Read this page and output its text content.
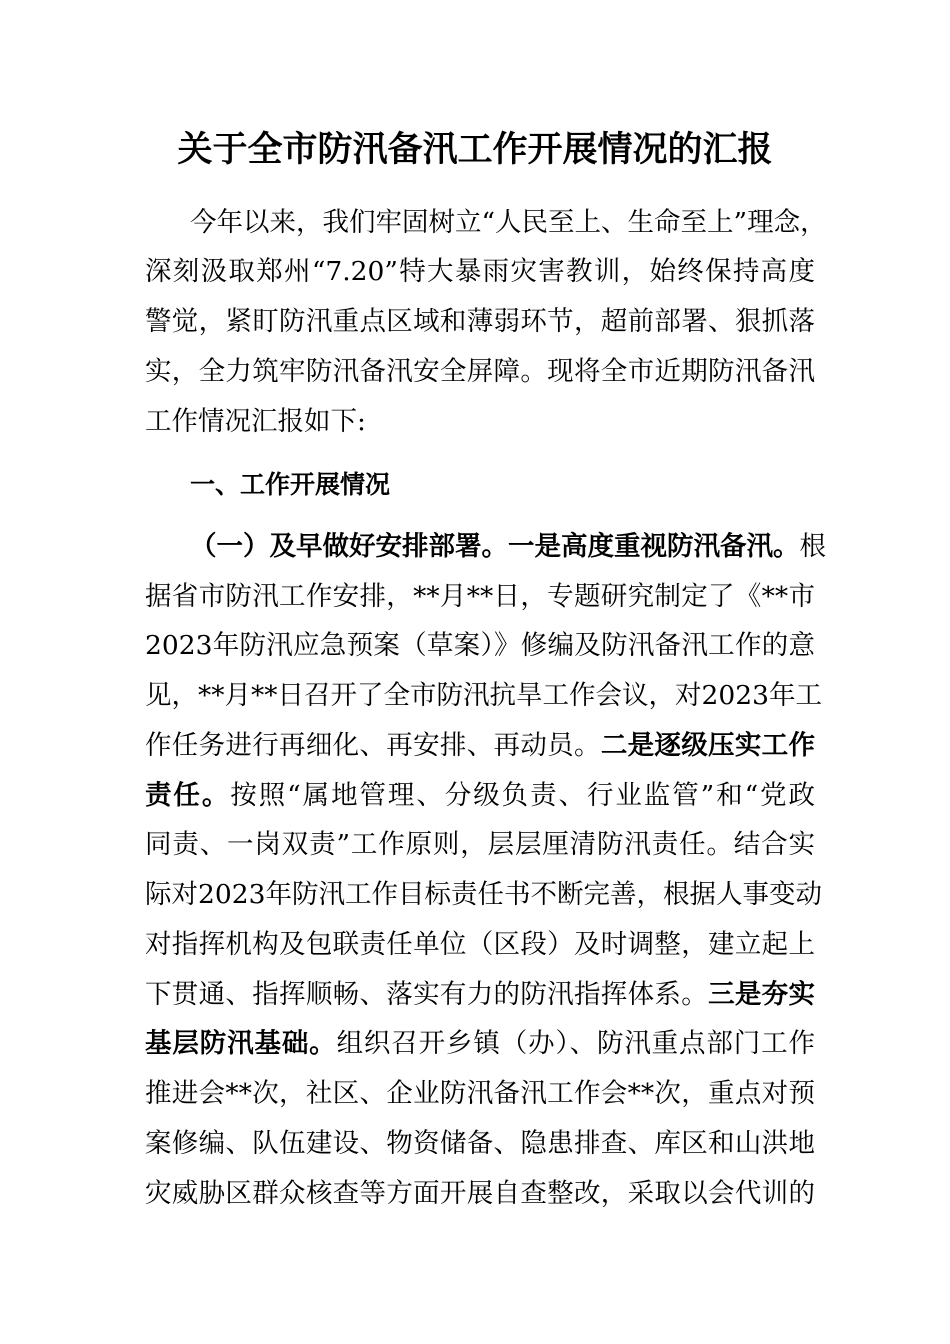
关于全市防汛备汛工作开展情况的汇报
今年以来，我们牢固树立“人民至上、生命至上”理念，
深刻汲取郑州“7.20”特大暴雨灾害教训，始终保持高度
警觉，紧盯防汛重点区域和薄弱环节，超前部署、狠抓落
实，全力筑牢防汛备汛安全屏障。现将全市近期防汛备汛
工作情况汇报如下:
一、工作开展情况
（一）及早做好安排部署。一是高度重视防汛备汛。根
据省市防汛工作安排，**月**日，专题研究制定了《**市
2023年防汛应急预案（草案）》修编及防汛备汛工作的意
见，**月**日召开了全市防汛抗旱工作会议，对2023年工
作任务进行再细化、再安排、再动员。二是逐级压实工作
责任。按照“属地管理、分级负责、行业监管”和“党政
同责、一岗双责”工作原则，层层厘清防汛责任。结合实
际对2023年防汛工作目标责任书不断完善，根据人事变动
对指挥机构及包联责任单位（区段）及时调整，建立起上
下贯通、指挥顺畅、落实有力的防汛指挥体系。三是夯实
基层防汛基础。组织召开乡镇（办）、防汛重点部门工作
推进会**次，社区、企业防汛备汛工作会**次，重点对预
案修编、队伍建设、物资储备、隐患排查、库区和山洪地
灾威胁区群众核查等方面开展自查整改，采取以会代训的
